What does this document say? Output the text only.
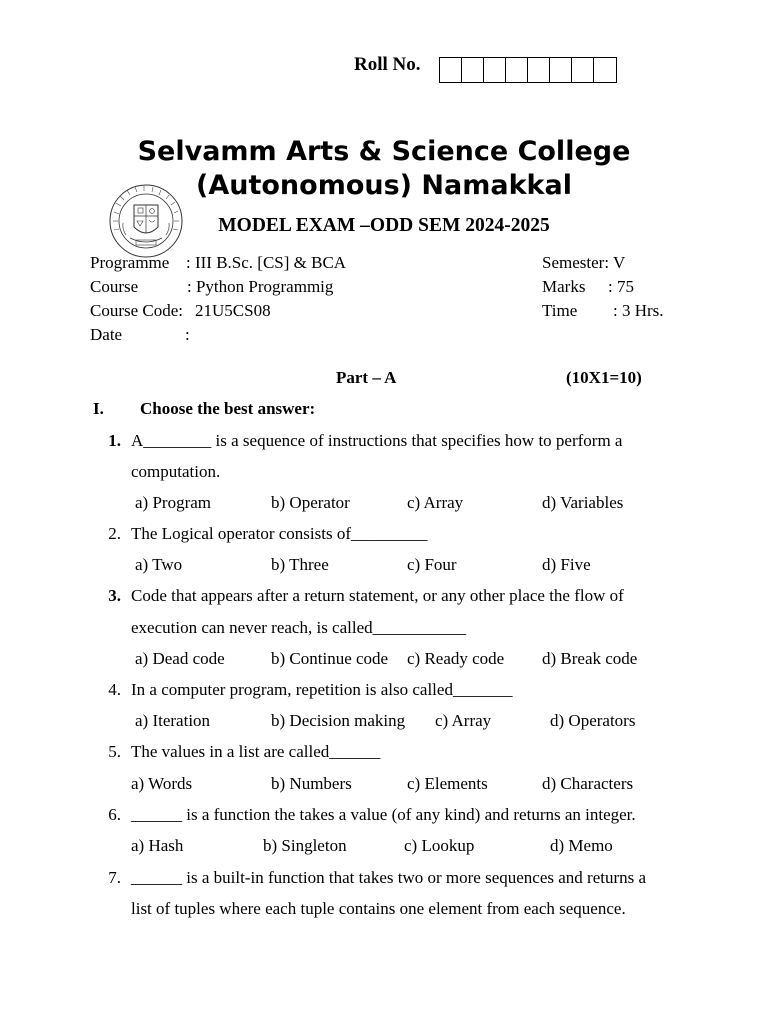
Roll No.
Selvamm Arts & Science College
(Autonomous) Namakkal
MODEL EXAM –ODD SEM 2024-2025
Programme : III B.Sc. [CS] & BCA
Course	: Python Programmig
Course Code: 21U5CS08
Date	:
Semester: V
Marks : 75
Time : 3 Hrs.
Part – A	(10X1=10)
I. Choose the best answer:
1. A________ is a sequence of instructions that specifies how to perform a
computation.
a) Program	b) Operator	c) Array	d) Variables
2. The Logical operator consists of_________
a) Two	b) Three	c) Four	d) Five
3. Code that appears after a return statement, or any other place the flow of
execution can never reach, is called___________
a) Dead code	b) Continue code c) Ready code d) Break code
4. In a computer program, repetition is also called_______
a) Iteration	b) Decision making c) Array	d) Operators
5. The values in a list are called______
a) Words	b) Numbers	c) Elements	d) Characters
6. ______ is a function the takes a value (of any kind) and returns an integer.
a) Hash	b) Singleton	c) Lookup	d) Memo
7. ______ is a built-in function that takes two or more sequences and returns a
list of tuples where each tuple contains one element from each sequence.
